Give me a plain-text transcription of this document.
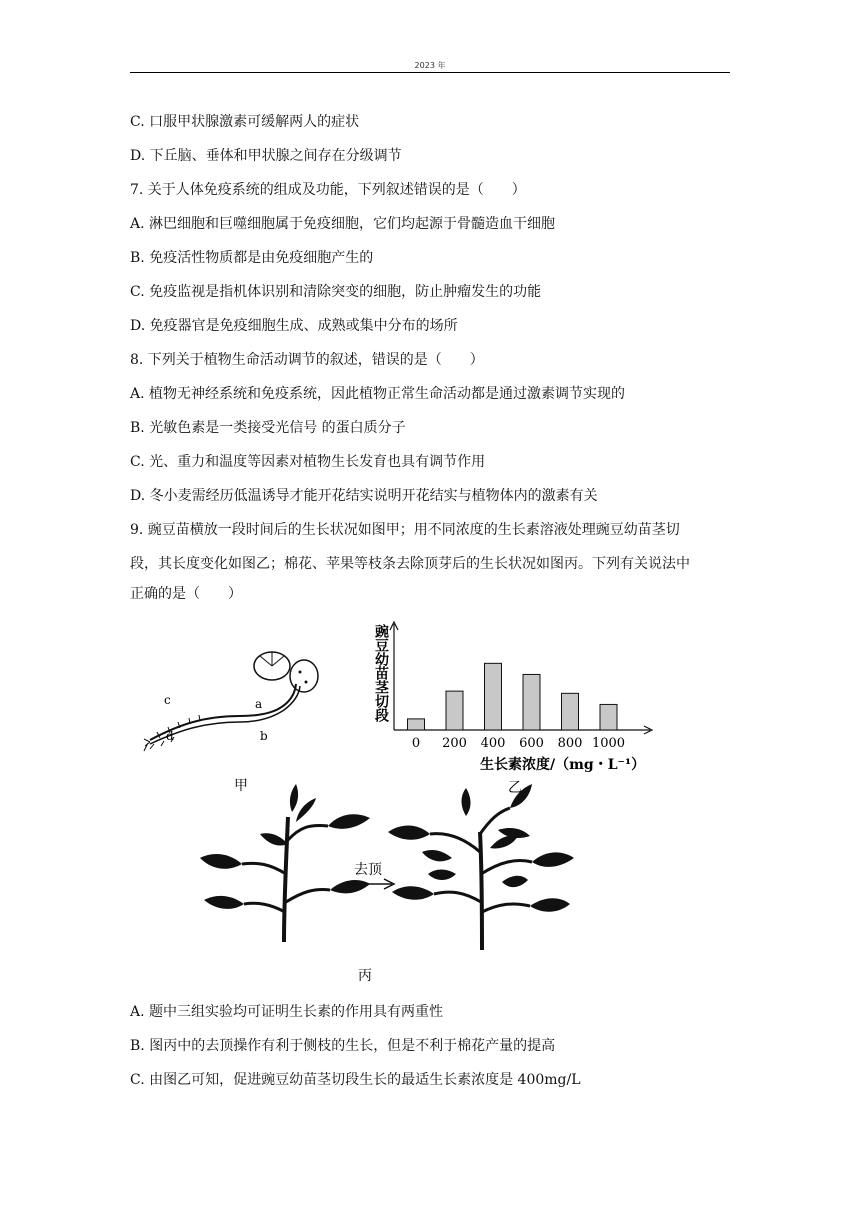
2023 年
C. 口服甲状腺激素可缓解两人的症状
D. 下丘脑、垂体和甲状腺之间存在分级调节
7. 关于人体免疫系统的组成及功能，下列叙述错误的是（　　）
A. 淋巴细胞和巨噬细胞属于免疫细胞，它们均起源于骨髓造血干细胞
B. 免疫活性物质都是由免疫细胞产生的
C. 免疫监视是指机体识别和清除突变的细胞，防止肿瘤发生的功能
D. 免疫器官是免疫细胞生成、成熟或集中分布的场所
8. 下列关于植物生命活动调节的叙述，错误的是（　　）
A. 植物无神经系统和免疫系统，因此植物正常生命活动都是通过激素调节实现的
B. 光敏色素是一类接受光信号 的蛋白质分子
C. 光、重力和温度等因素对植物生长发育也具有调节作用
D. 冬小麦需经历低温诱导才能开花结实说明开花结实与植物体内的激素有关
9. 豌豆苗横放一段时间后的生长状况如图甲；用不同浓度的生长素溶液处理豌豆幼苗茎切
段，其长度变化如图乙；棉花、苹果等枝条去除顶芽后的生长状况如图丙。下列有关说法中
正确的是（　　）
a
b
c
d
甲
0 200 400 600 800 1000
豌豆幼苗茎切段
生长素浓度/（mg・L⁻¹）
乙
去顶
丙
A. 题中三组实验均可证明生长素的作用具有两重性
B. 图丙中的去顶操作有利于侧枝的生长，但是不利于棉花产量的提高
C. 由图乙可知，促进豌豆幼苗茎切段生长的最适生长素浓度是 400mg/L
